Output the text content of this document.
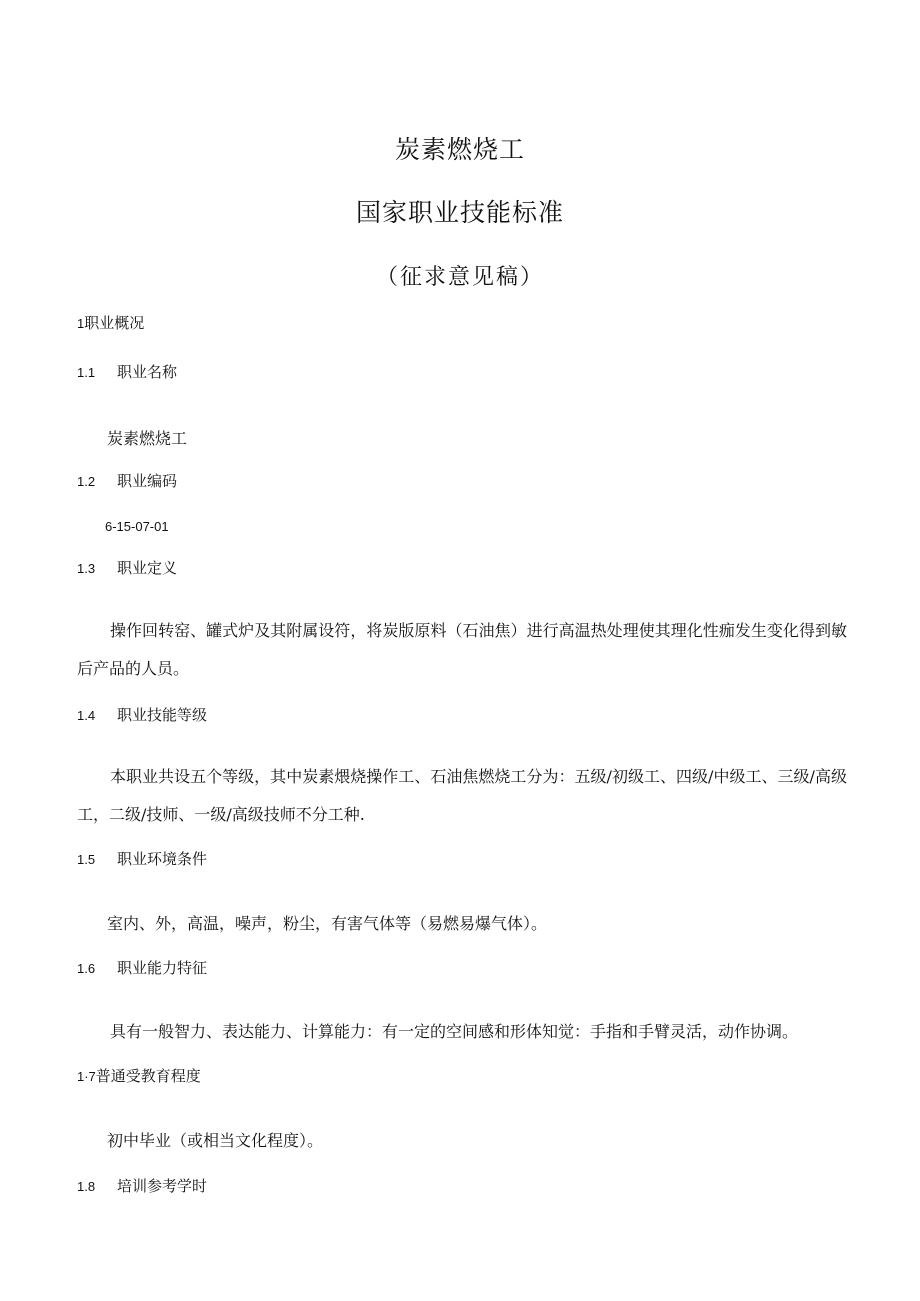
炭素燃烧工
国家职业技能标准
（征求意见稿）
1 职业概况
1.1	职业名称
炭素燃烧工
1.2	职业编码
6-15-07-01
1.3	职业定义
操作回转窑、罐式炉及其附属设符，将炭版原料（石油焦）进行高温热处理使其理化性痂发生变化得到敏后产品的人员。
1.4	职业技能等级
本职业共设五个等级，其中炭素煨烧操作工、石油焦燃烧工分为：五级/初级工、四级/中级工、三级/高级工，二级/技师、一级/高级技师不分工种.
1.5	职业环境条件
室内、外，高温，噪声，粉尘，有害气体等（易燃易爆气体）。
1.6	职业能力特征
具有一般智力、表达能力、计算能力：有一定的空间感和形体知觉：手指和手臂灵活，动作协调。
1·7 普通受教育程度
初中毕业（或相当文化程度）。
1.8	培训参考学时
